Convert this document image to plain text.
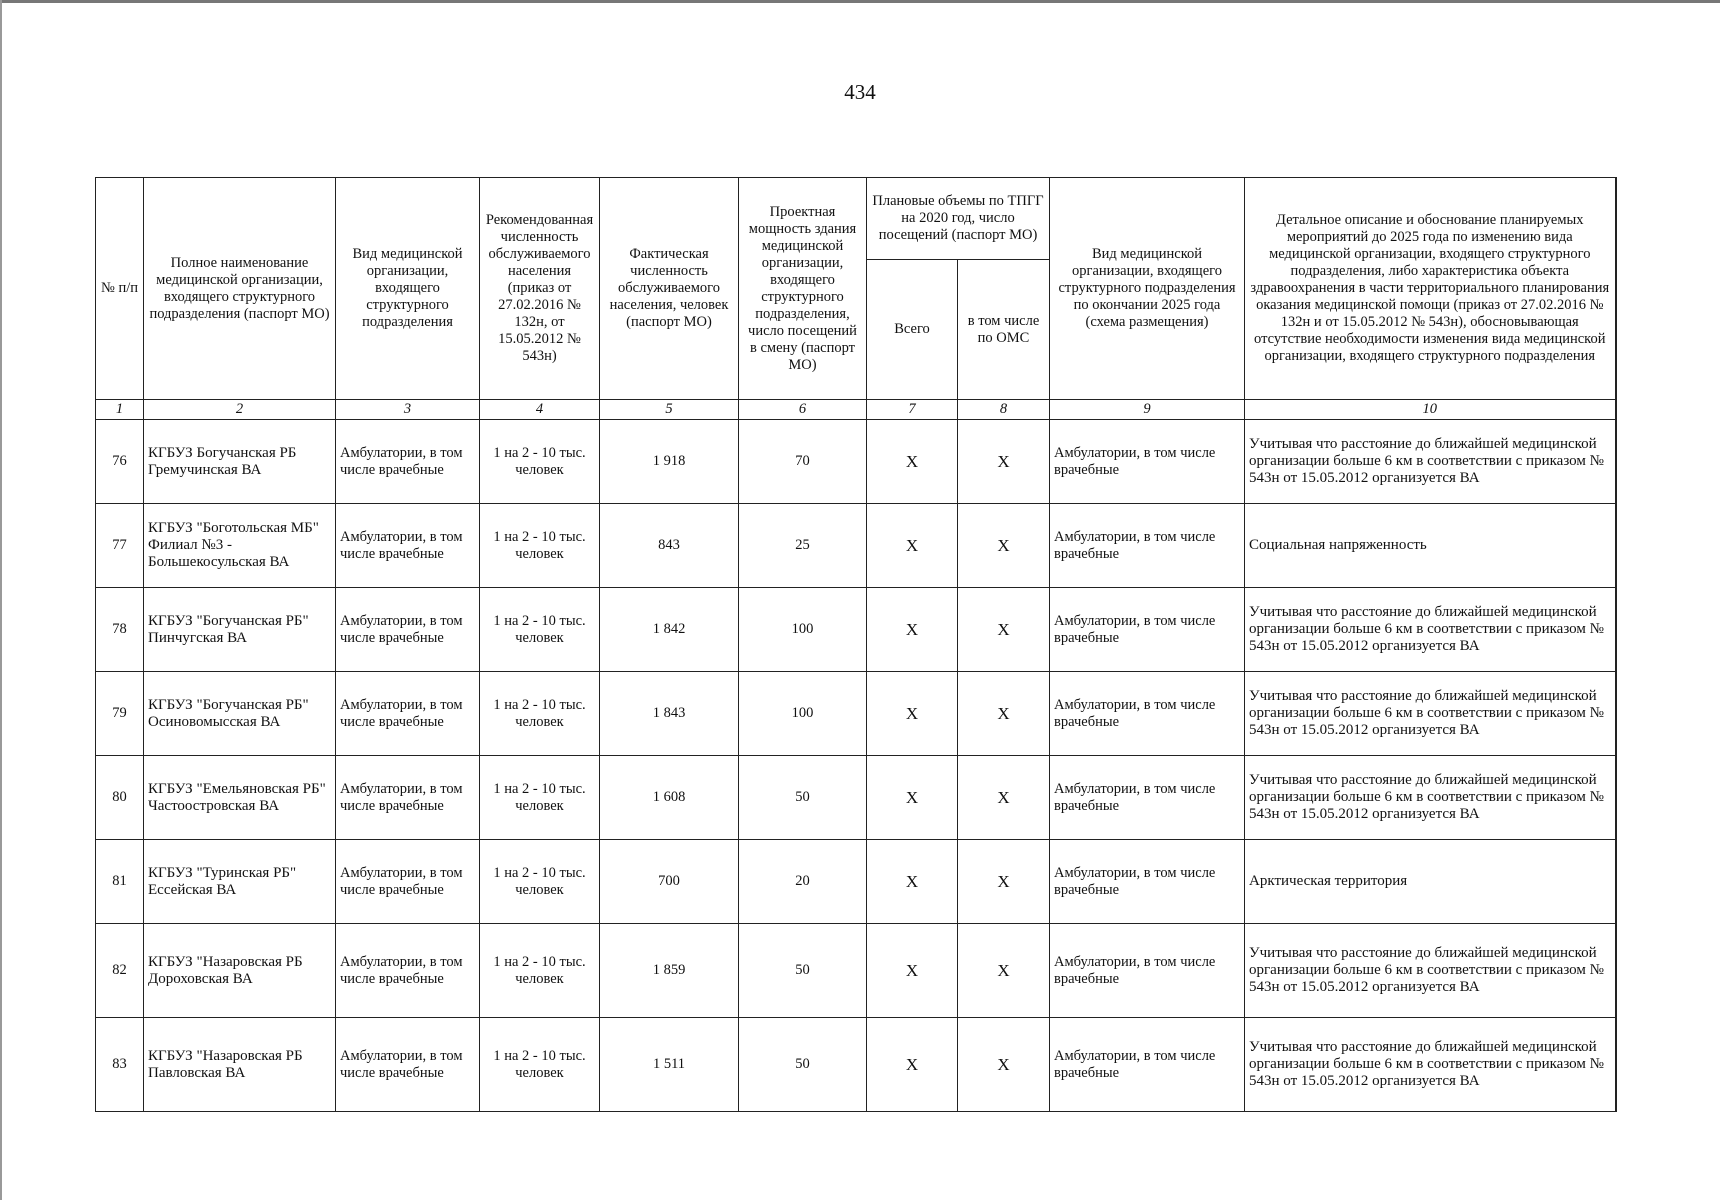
434
№ п/п	Полное наименование медицинской организации, входящего структурного подразделения (паспорт МО)	Вид медицинской организации, входящего структурного подразделения	Рекомендованная численность обслуживаемого населения (приказ от 27.02.2016 № 132н, от 15.05.2012 № 543н)	Фактическая численность обслуживаемого населения, человек (паспорт МО)	Проектная мощность здания медицинской организации, входящего структурного подразделения, число посещений в смену (паспорт МО)	Плановые объемы по ТПГГ на 2020 год, число посещений (паспорт МО)		Вид медицинской организации, входящего структурного подразделения по окончании 2025 года (схема размещения)	Детальное описание и обоснование планируемых мероприятий до 2025 года по изменению вида медицинской организации, входящего структурного подразделения, либо характеристика объекта здравоохранения в части территориального планирования оказания медицинской помощи (приказ от 27.02.2016 № 132н и от 15.05.2012 № 543н), обосновывающая отсутствие необходимости изменения вида медицинской организации, входящего структурного подразделения
						Всего	в том числе по ОМС		
1	2	3	4	5	6	7	8	9	10
76	КГБУЗ Богучанская РБ Гремучинская ВА	Амбулатории, в том числе врачебные	1 на 2 - 10 тыс. человек	1 918	70	X	X	Амбулатории, в том числе врачебные	Учитывая что расстояние до ближайшей медицинской организации больше 6 км в соответствии с приказом № 543н от 15.05.2012 организуется ВА
77	КГБУЗ "Боготольская МБ" Филиал №3 - Большекосульская ВА	Амбулатории, в том числе врачебные	1 на 2 - 10 тыс. человек	843	25	X	X	Амбулатории, в том числе врачебные	Социальная напряженность
78	КГБУЗ "Богучанская РБ" Пинчугская ВА	Амбулатории, в том числе врачебные	1 на 2 - 10 тыс. человек	1 842	100	X	X	Амбулатории, в том числе врачебные	Учитывая что расстояние до ближайшей медицинской организации больше 6 км в соответствии с приказом № 543н от 15.05.2012 организуется ВА
79	КГБУЗ "Богучанская РБ" Осиновомысская ВА	Амбулатории, в том числе врачебные	1 на 2 - 10 тыс. человек	1 843	100	X	X	Амбулатории, в том числе врачебные	Учитывая что расстояние до ближайшей медицинской организации больше 6 км в соответствии с приказом № 543н от 15.05.2012 организуется ВА
80	КГБУЗ "Емельяновская РБ" Частоостровская ВА	Амбулатории, в том числе врачебные	1 на 2 - 10 тыс. человек	1 608	50	X	X	Амбулатории, в том числе врачебные	Учитывая что расстояние до ближайшей медицинской организации больше 6 км в соответствии с приказом № 543н от 15.05.2012 организуется ВА
81	КГБУЗ "Туринская РБ" Ессейская ВА	Амбулатории, в том числе врачебные	1 на 2 - 10 тыс. человек	700	20	X	X	Амбулатории, в том числе врачебные	Арктическая территория
82	КГБУЗ "Назаровская РБ Дороховская ВА	Амбулатории, в том числе врачебные	1 на 2 - 10 тыс. человек	1 859	50	X	X	Амбулатории, в том числе врачебные	Учитывая что расстояние до ближайшей медицинской организации больше 6 км в соответствии с приказом № 543н от 15.05.2012 организуется ВА
83	КГБУЗ "Назаровская РБ Павловская ВА	Амбулатории, в том числе врачебные	1 на 2 - 10 тыс. человек	1 511	50	X	X	Амбулатории, в том числе врачебные	Учитывая что расстояние до ближайшей медицинской организации больше 6 км в соответствии с приказом № 543н от 15.05.2012 организуется ВА
